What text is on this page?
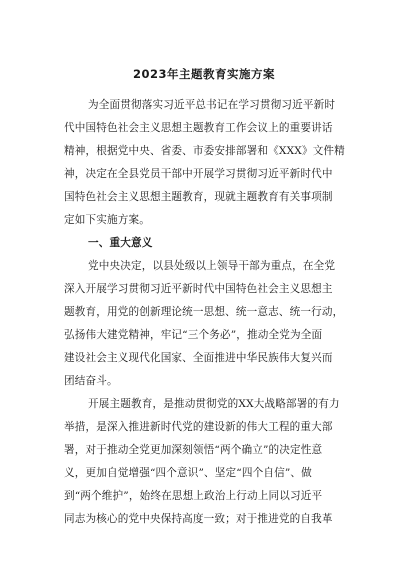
2023年主题教育实施方案
为全面贯彻落实习近平总书记在学习贯彻习近平新时
代中国特色社会主义思想主题教育工作会议上的重要讲话
精神，根据党中央、省委、市委安排部署和《XXX》文件精
神，决定在全县党员干部中开展学习贯彻习近平新时代中
国特色社会主义思想主题教育，现就主题教育有关事项制
定如下实施方案。
一、重大意义
党中央决定，以县处级以上领导干部为重点，在全党
深入开展学习贯彻习近平新时代中国特色社会主义思想主
题教育，用党的创新理论统一思想、统一意志、统一行动，
弘扬伟大建党精神，牢记“三个务必”，推动全党为全面
建设社会主义现代化国家、全面推进中华民族伟大复兴而
团结奋斗。
开展主题教育，是推动贯彻党的XX大战略部署的有力
举措，是深入推进新时代党的建设新的伟大工程的重大部
署，对于推动全党更加深刻领悟“两个确立”的决定性意
义，更加自觉增强“四个意识”、坚定“四个自信”、做
到“两个维护”，始终在思想上政治上行动上同以习近平
同志为核心的党中央保持高度一致；对于推进党的自我革
